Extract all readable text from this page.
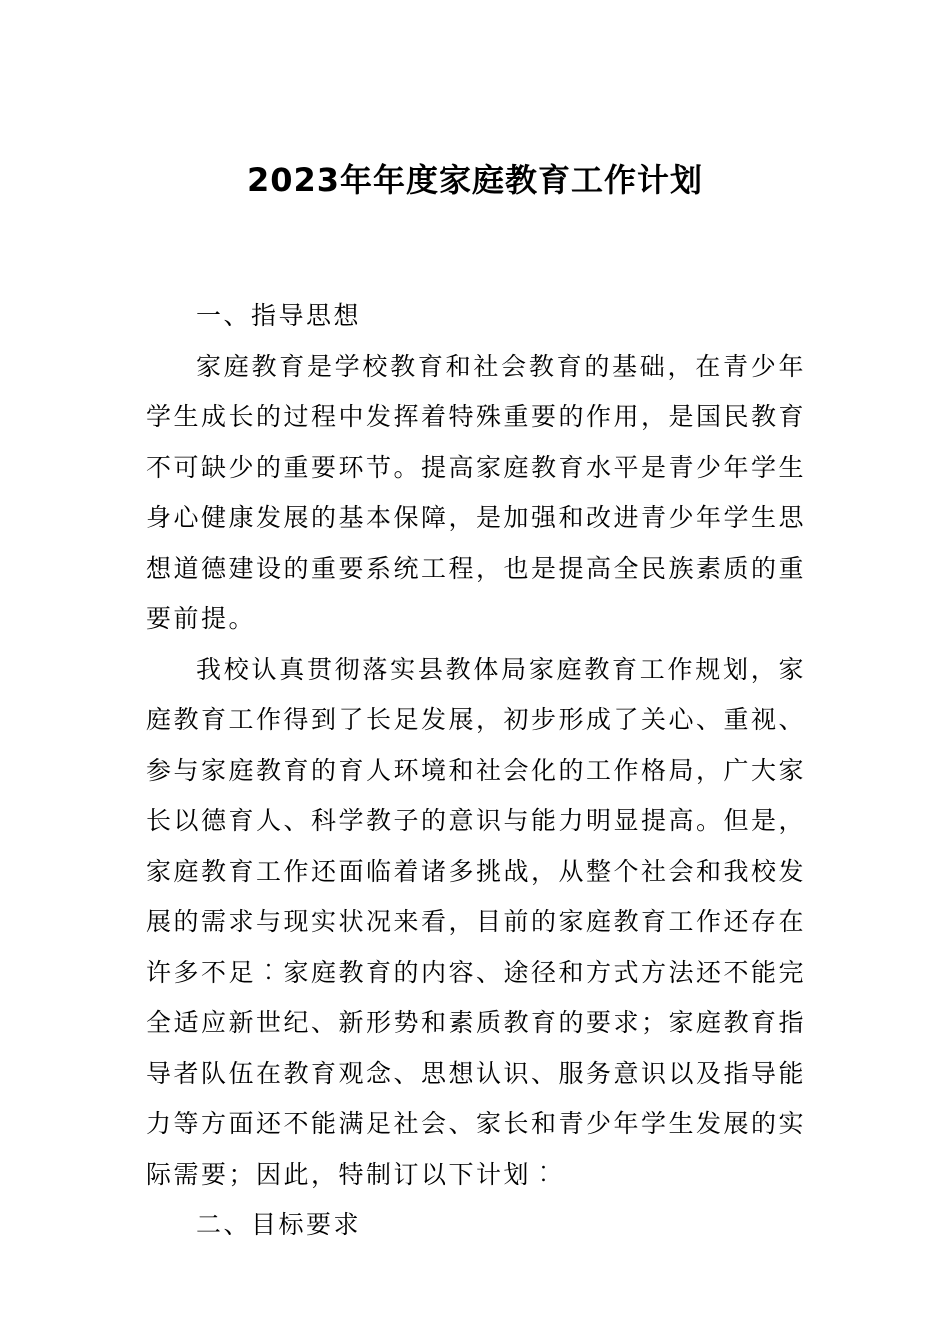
2023年年度家庭教育工作计划

一、指导思想

家庭教育是学校教育和社会教育的基础，在青少年学生成长的过程中发挥着特殊重要的作用，是国民教育不可缺少的重要环节。提高家庭教育水平是青少年学生身心健康发展的基本保障，是加强和改进青少年学生思想道德建设的重要系统工程，也是提高全民族素质的重要前提。

我校认真贯彻落实县教体局家庭教育工作规划，家庭教育工作得到了长足发展，初步形成了关心、重视、参与家庭教育的育人环境和社会化的工作格局，广大家长以德育人、科学教子的意识与能力明显提高。但是，家庭教育工作还面临着诸多挑战，从整个社会和我校发展的需求与现实状况来看，目前的家庭教育工作还存在许多不足︰家庭教育的内容、途径和方式方法还不能完全适应新世纪、新形势和素质教育的要求；家庭教育指导者队伍在教育观念、思想认识、服务意识以及指导能力等方面还不能满足社会、家长和青少年学生发展的实际需要；因此，特制订以下计划︰

二、目标要求
